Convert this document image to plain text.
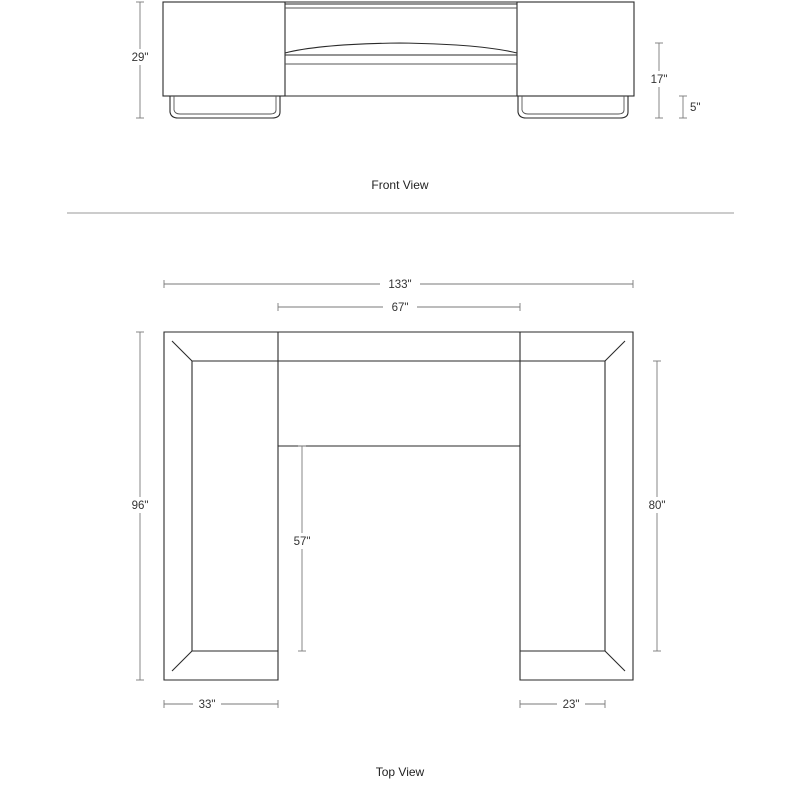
29"
17"
5"
Front View
133"
67"
96"	80"
57"
33"	23"
Top View
